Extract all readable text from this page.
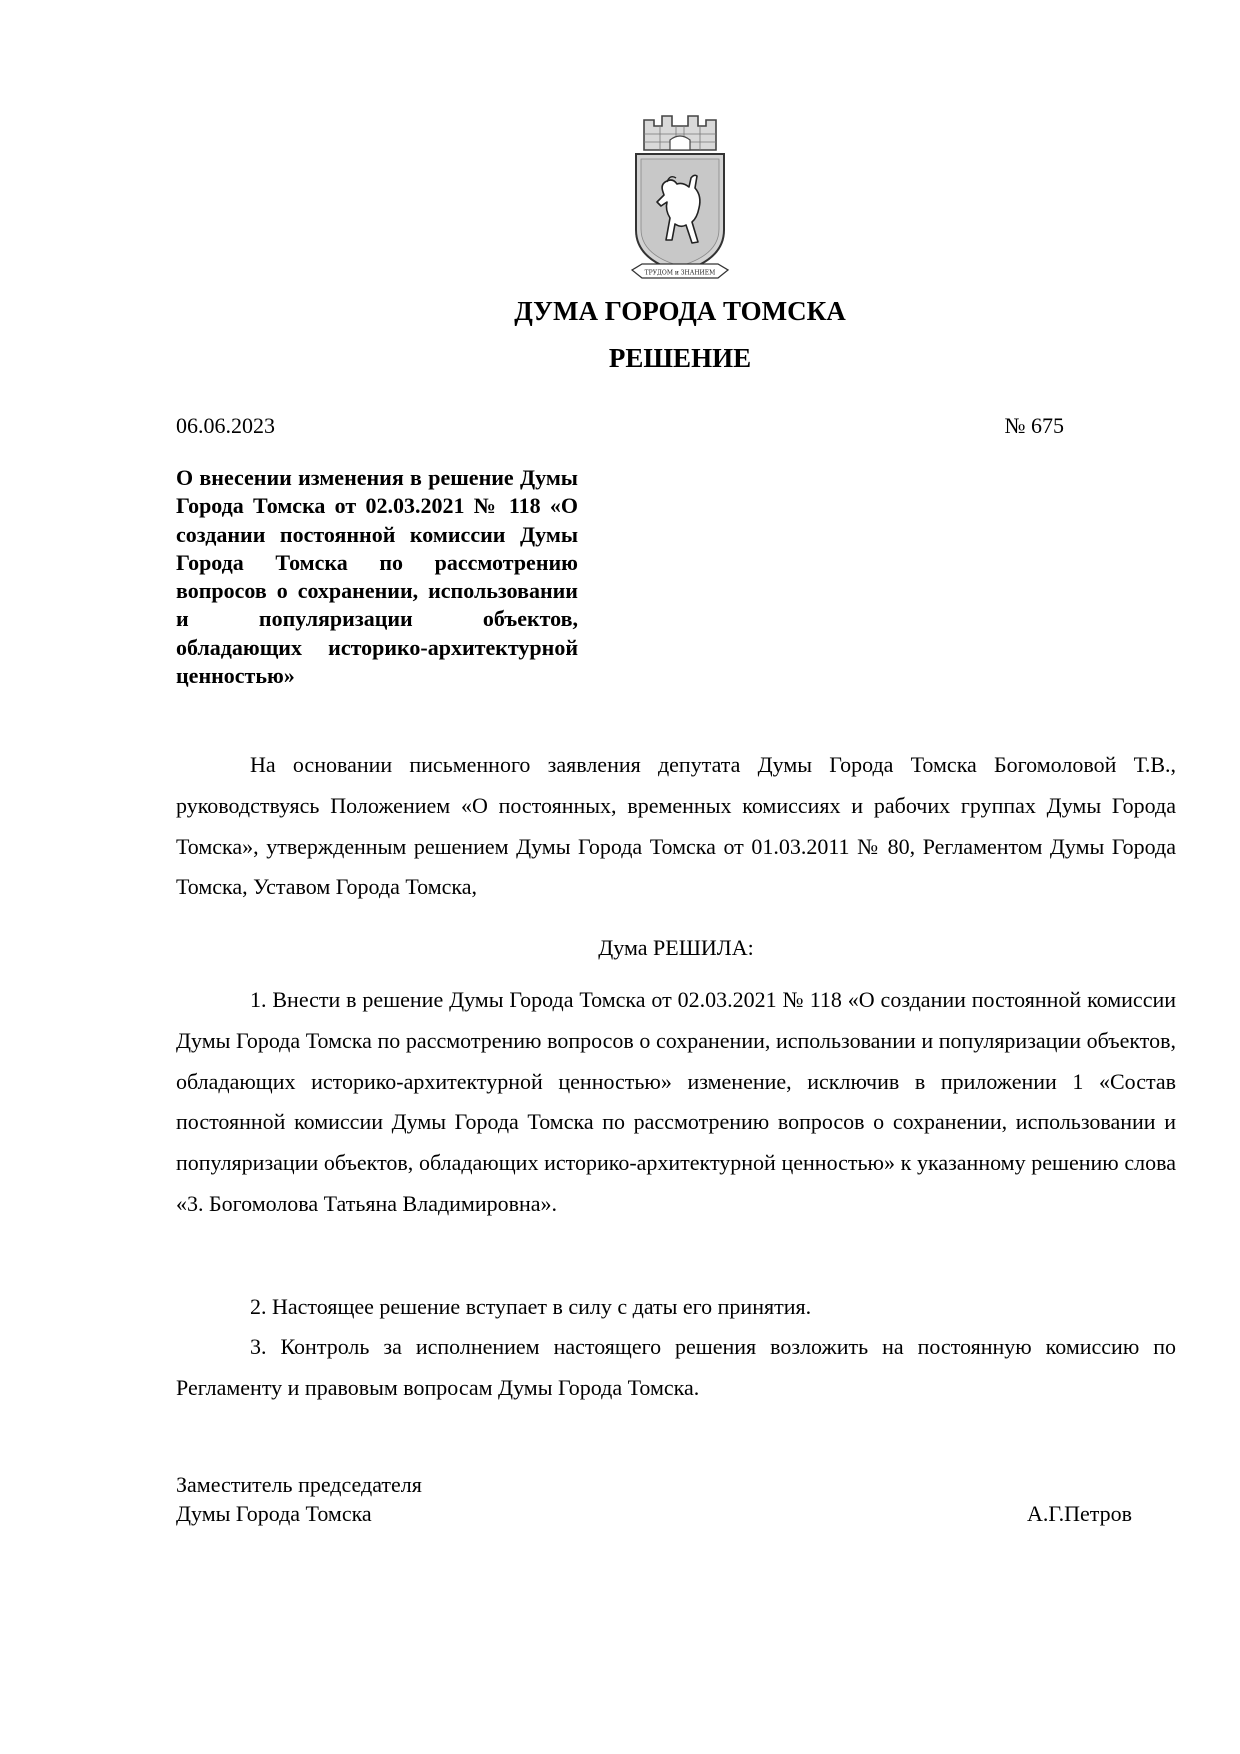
ТРУДОМ и ЗНАНИЕМ
ДУМА ГОРОДА ТОМСКА
РЕШЕНИЕ
06.06.2023	№ 675

О внесении изменения в решение Думы Города Томска от 02.03.2021 № 118 «О создании постоянной комиссии Думы Города Томска по рассмотрению вопросов о сохранении, использовании и популяризации объектов, обладающих историко-архитектурной ценностью»

На основании письменного заявления депутата Думы Города Томска Богомоловой Т.В., руководствуясь Положением «О постоянных, временных комиссиях и рабочих группах Думы Города Томска», утвержденным решением Думы Города Томска от 01.03.2011 № 80, Регламентом Думы Города Томска, Уставом Города Томска,

Дума РЕШИЛА:

1. Внести в решение Думы Города Томска от 02.03.2021 № 118 «О создании постоянной комиссии Думы Города Томска по рассмотрению вопросов о сохранении, использовании и популяризации объектов, обладающих историко-архитектурной ценностью» изменение, исключив в приложении 1 «Состав постоянной комиссии Думы Города Томска по рассмотрению вопросов о сохранении, использовании и популяризации объектов, обладающих историко-архитектурной ценностью» к указанному решению слова «3. Богомолова Татьяна Владимировна».

2. Настоящее решение вступает в силу с даты его принятия.

3. Контроль за исполнением настоящего решения возложить на постоянную комиссию по Регламенту и правовым вопросам Думы Города Томска.

Заместитель председателя
Думы Города Томска	А.Г.Петров
